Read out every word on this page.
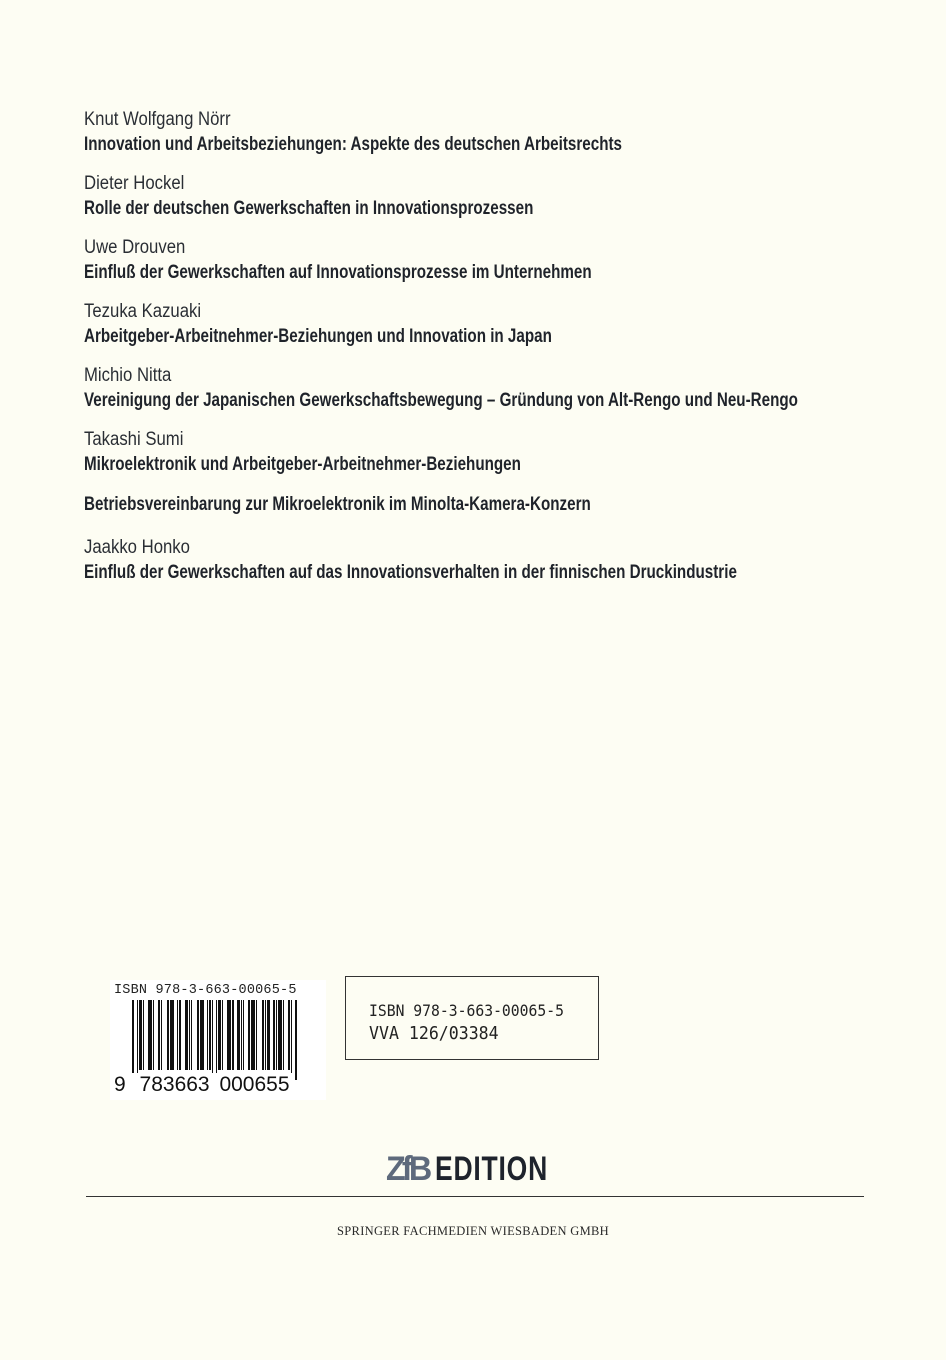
Knut Wolfgang Nörr
Innovation und Arbeitsbeziehungen: Aspekte des deutschen Arbeitsrechts
Dieter Hockel
Rolle der deutschen Gewerkschaften in Innovationsprozessen
Uwe Drouven
Einfluß der Gewerkschaften auf Innovationsprozesse im Unternehmen
Tezuka Kazuaki
Arbeitgeber-Arbeitnehmer-Beziehungen und Innovation in Japan
Michio Nitta
Vereinigung der Japanischen Gewerkschaftsbewegung – Gründung von Alt-Rengo und Neu-Rengo
Takashi Sumi
Mikroelektronik und Arbeitgeber-Arbeitnehmer-Beziehungen
Betriebsvereinbarung zur Mikroelektronik im Minolta-Kamera-Konzern
Jaakko Honko
Einfluß der Gewerkschaften auf das Innovationsverhalten in der finnischen Druckindustrie
ISBN 978-3-663-00065-5
9 783663 000655
ISBN 978-3-663-00065-5
VVA 126/03384
ZfB EDITION
SPRINGER FACHMEDIEN WIESBADEN GMBH
